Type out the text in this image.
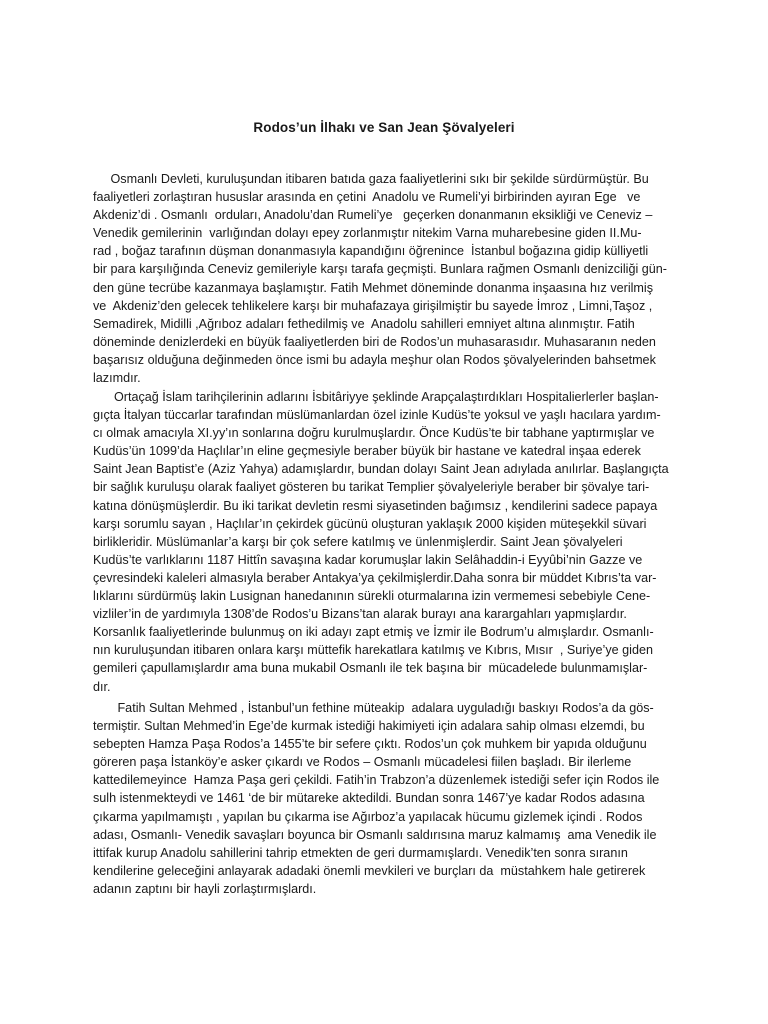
Rodos’un İlhakı ve San Jean Şövalyeleri

Osmanlı Devleti, kuruluşundan itibaren batıda gaza faaliyetlerini sıkı bir şekilde sürdürmüştür. Bu
faaliyetleri zorlaştıran hususlar arasında en çetini  Anadolu ve Rumeli’yi birbirinden ayıran Ege   ve
Akdeniz’di . Osmanlı  orduları, Anadolu’dan Rumeli’ye   geçerken donanmanın eksikliği ve Ceneviz –
Venedik gemilerinin  varlığından dolayı epey zorlanmıştır nitekim Varna muharebesine giden II.Mu-
rad , boğaz tarafının düşman donanmasıyla kapandığını öğrenince  İstanbul boğazına gidip külliyetli
bir para karşılığında Ceneviz gemileriyle karşı tarafa geçmişti. Bunlara rağmen Osmanlı denizciliği gün-
den güne tecrübe kazanmaya başlamıştır. Fatih Mehmet döneminde donanma inşaasına hız verilmiş
ve  Akdeniz’den gelecek tehlikelere karşı bir muhafazaya girişilmiştir bu sayede İmroz , Limni,Taşoz ,
Semadirek, Midilli ,Ağrıboz adaları fethedilmiş ve  Anadolu sahilleri emniyet altına alınmıştır. Fatih
döneminde denizlerdeki en büyük faaliyetlerden biri de Rodos’un muhasarasıdır. Muhasaranın neden
başarısız olduğuna değinmeden önce ismi bu adayla meşhur olan Rodos şövalyelerinden bahsetmek
lazımdır.

Ortaçağ İslam tarihçilerinin adlarını İsbitâriyye şeklinde Arapçalaştırdıkları Hospitalierlerler başlan-
gıçta İtalyan tüccarlar tarafından müslümanlardan özel izinle Kudüs’te yoksul ve yaşlı hacılara yardım-
cı olmak amacıyla XI.yy’ın sonlarına doğru kurulmuşlardır. Önce Kudüs’te bir tabhane yaptırmışlar ve
Kudüs’ün 1099’da Haçlılar’ın eline geçmesiyle beraber büyük bir hastane ve katedral inşaa ederek
Saint Jean Baptist’e (Aziz Yahya) adamışlardır, bundan dolayı Saint Jean adıylada anılırlar. Başlangıçta
bir sağlık kuruluşu olarak faaliyet gösteren bu tarikat Templier şövalyeleriyle beraber bir şövalye tari-
katına dönüşmüşlerdir. Bu iki tarikat devletin resmi siyasetinden bağımsız , kendilerini sadece papaya
karşı sorumlu sayan , Haçlılar’ın çekirdek gücünü oluşturan yaklaşık 2000 kişiden müteşekkil süvari
birlikleridir. Müslümanlar’a karşı bir çok sefere katılmış ve ünlenmişlerdir. Saint Jean şövalyeleri
Kudüs’te varlıklarını 1187 Hittîn savaşına kadar korumuşlar lakin Selâhaddin-i Eyyûbi’nin Gazze ve
çevresindeki kaleleri almasıyla beraber Antakya’ya çekilmişlerdir.Daha sonra bir müddet Kıbrıs’ta var-
lıklarını sürdürmüş lakin Lusignan hanedanının sürekli oturmalarına izin vermemesi sebebiyle Cene-
vizliler’in de yardımıyla 1308’de Rodos’u Bizans’tan alarak burayı ana karargahları yapmışlardır.
Korsanlık faaliyetlerinde bulunmuş on iki adayı zapt etmiş ve İzmir ile Bodrum’u almışlardır. Osmanlı-
nın kuruluşundan itibaren onlara karşı müttefik harekatlara katılmış ve Kıbrıs, Mısır  , Suriye’ye giden
gemileri çapullamışlardır ama buna mukabil Osmanlı ile tek başına bir  mücadelede bulunmamışlar-
dır.

Fatih Sultan Mehmed , İstanbul’un fethine müteakip  adalara uyguladığı baskıyı Rodos’a da gös-
termiştir. Sultan Mehmed’in Ege’de kurmak istediği hakimiyeti için adalara sahip olması elzemdi, bu
sebepten Hamza Paşa Rodos’a 1455’te bir sefere çıktı. Rodos’un çok muhkem bir yapıda olduğunu
göreren paşa İstanköy’e asker çıkardı ve Rodos – Osmanlı mücadelesi fiilen başladı. Bir ilerleme
kattedilemeyince  Hamza Paşa geri çekildi. Fatih’in Trabzon’a düzenlemek istediği sefer için Rodos ile
sulh istenmekteydi ve 1461 ‘de bir mütareke aktedildi. Bundan sonra 1467’ye kadar Rodos adasına
çıkarma yapılmamıştı , yapılan bu çıkarma ise Ağırboz’a yapılacak hücumu gizlemek içindi . Rodos
adası, Osmanlı- Venedik savaşları boyunca bir Osmanlı saldırısına maruz kalmamış  ama Venedik ile
ittifak kurup Anadolu sahillerini tahrip etmekten de geri durmamışlardı. Venedik’ten sonra sıranın
kendilerine geleceğini anlayarak adadaki önemli mevkileri ve burçları da  müstahkem hale getirerek
adanın zaptını bir hayli zorlaştırmışlardı.
